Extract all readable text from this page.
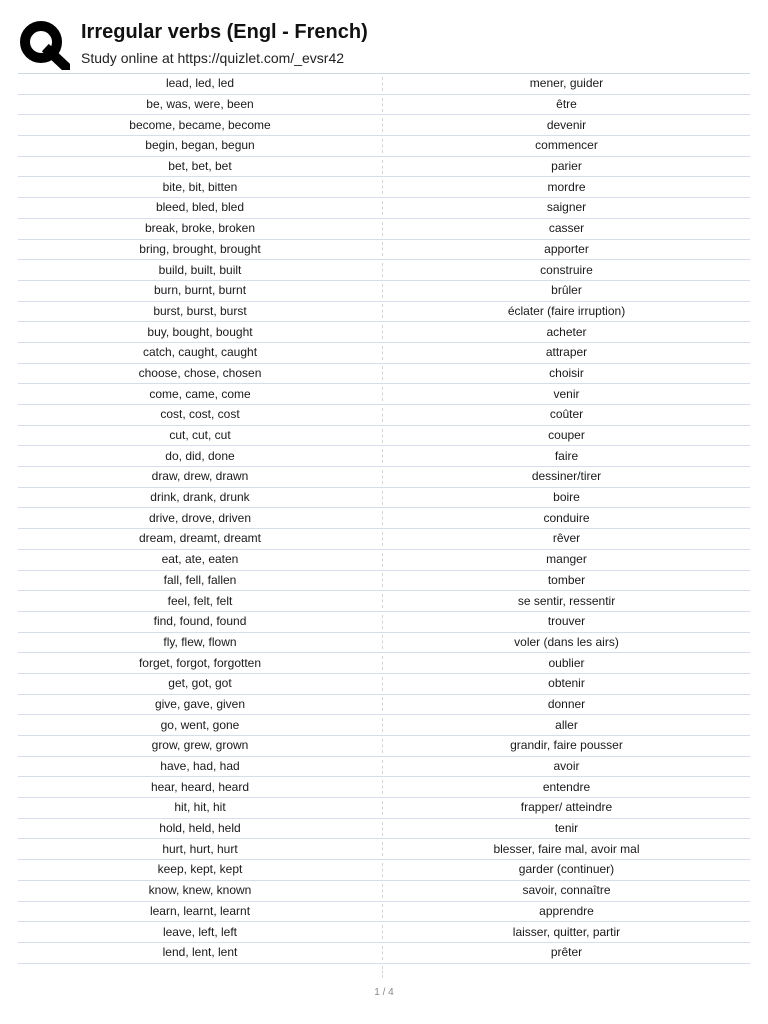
Irregular verbs (Engl - French)
Study online at https://quizlet.com/_evsr42
lead, led, led	mener, guider
be, was, were, been	être
become, became, become	devenir
begin, began, begun	commencer
bet, bet, bet	parier
bite, bit, bitten	mordre
bleed, bled, bled	saigner
break, broke, broken	casser
bring, brought, brought	apporter
build, built, built	construire
burn, burnt, burnt	brûler
burst, burst, burst	éclater (faire irruption)
buy, bought, bought	acheter
catch, caught, caught	attraper
choose, chose, chosen	choisir
come, came, come	venir
cost, cost, cost	coûter
cut, cut, cut	couper
do, did, done	faire
draw, drew, drawn	dessiner/tirer
drink, drank, drunk	boire
drive, drove, driven	conduire
dream, dreamt, dreamt	rêver
eat, ate, eaten	manger
fall, fell, fallen	tomber
feel, felt, felt	se sentir, ressentir
find, found, found	trouver
fly, flew, flown	voler (dans les airs)
forget, forgot, forgotten	oublier
get, got, got	obtenir
give, gave, given	donner
go, went, gone	aller
grow, grew, grown	grandir, faire pousser
have, had, had	avoir
hear, heard, heard	entendre
hit, hit, hit	frapper/ atteindre
hold, held, held	tenir
hurt, hurt, hurt	blesser, faire mal, avoir mal
keep, kept, kept	garder (continuer)
know, knew, known	savoir, connaître
learn, learnt, learnt	apprendre
leave, left, left	laisser, quitter, partir
lend, lent, lent	prêter
1 / 4
